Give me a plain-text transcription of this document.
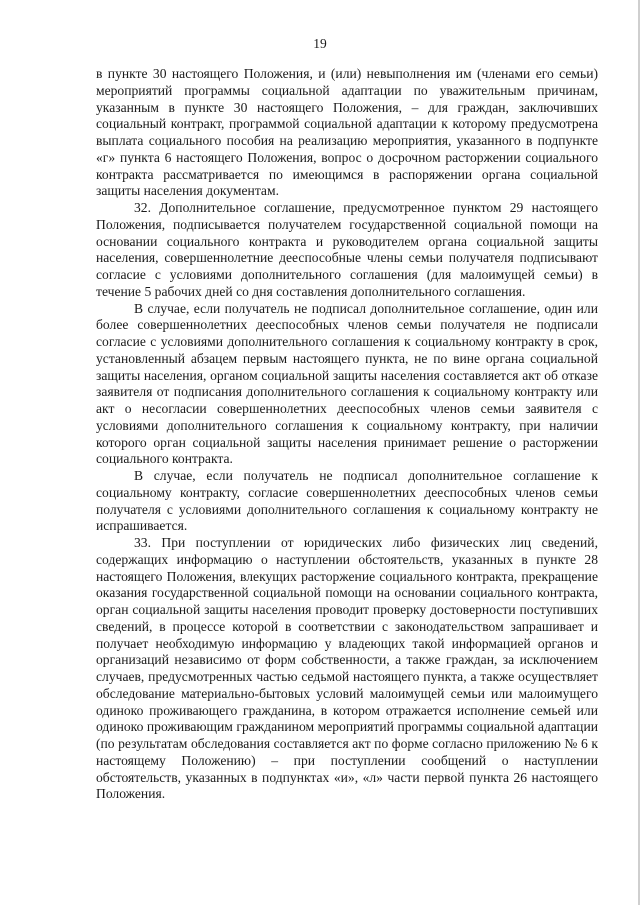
19

в пункте 30 настоящего Положения, и (или) невыполнения им (членами его семьи) мероприятий программы социальной адаптации по уважительным причинам, указанным в пункте 30 настоящего Положения, – для граждан, заключивших социальный контракт, программой социальной адаптации к которому предусмотрена выплата социального пособия на реализацию мероприятия, указанного в подпункте «г» пункта 6 настоящего Положения, вопрос о досрочном расторжении социального контракта рассматривается по имеющимся в распоряжении органа социальной защиты населения документам.

32. Дополнительное соглашение, предусмотренное пунктом 29 настоящего Положения, подписывается получателем государственной социальной помощи на основании социального контракта и руководителем органа социальной защиты населения, совершеннолетние дееспособные члены семьи получателя подписывают согласие с условиями дополнительного соглашения (для малоимущей семьи) в течение 5 рабочих дней со дня составления дополнительного соглашения.

В случае, если получатель не подписал дополнительное соглашение, один или более совершеннолетних дееспособных членов семьи получателя не подписали согласие с условиями дополнительного соглашения к социальному контракту в срок, установленный абзацем первым настоящего пункта, не по вине органа социальной защиты населения, органом социальной защиты населения составляется акт об отказе заявителя от подписания дополнительного соглашения к социальному контракту или акт о несогласии совершеннолетних дееспособных членов семьи заявителя с условиями дополнительного соглашения к социальному контракту, при наличии которого орган социальной защиты населения принимает решение о расторжении социального контракта.

В случае, если получатель не подписал дополнительное соглашение к социальному контракту, согласие совершеннолетних дееспособных членов семьи получателя с условиями дополнительного соглашения к социальному контракту не испрашивается.

33. При поступлении от юридических либо физических лиц сведений, содержащих информацию о наступлении обстоятельств, указанных в пункте 28 настоящего Положения, влекущих расторжение социального контракта, прекращение оказания государственной социальной помощи на основании социального контракта, орган социальной защиты населения проводит проверку достоверности поступивших сведений, в процессе которой в соответствии с законодательством запрашивает и получает необходимую информацию у владеющих такой информацией органов и организаций независимо от форм собственности, а также граждан, за исключением случаев, предусмотренных частью седьмой настоящего пункта, а также осуществляет обследование материально-бытовых условий малоимущей семьи или малоимущего одиноко проживающего гражданина, в котором отражается исполнение семьей или одиноко проживающим гражданином мероприятий программы социальной адаптации (по результатам обследования составляется акт по форме согласно приложению № 6 к настоящему Положению) – при поступлении сообщений о наступлении обстоятельств, указанных в подпунктах «и», «л» части первой пункта 26 настоящего Положения.
